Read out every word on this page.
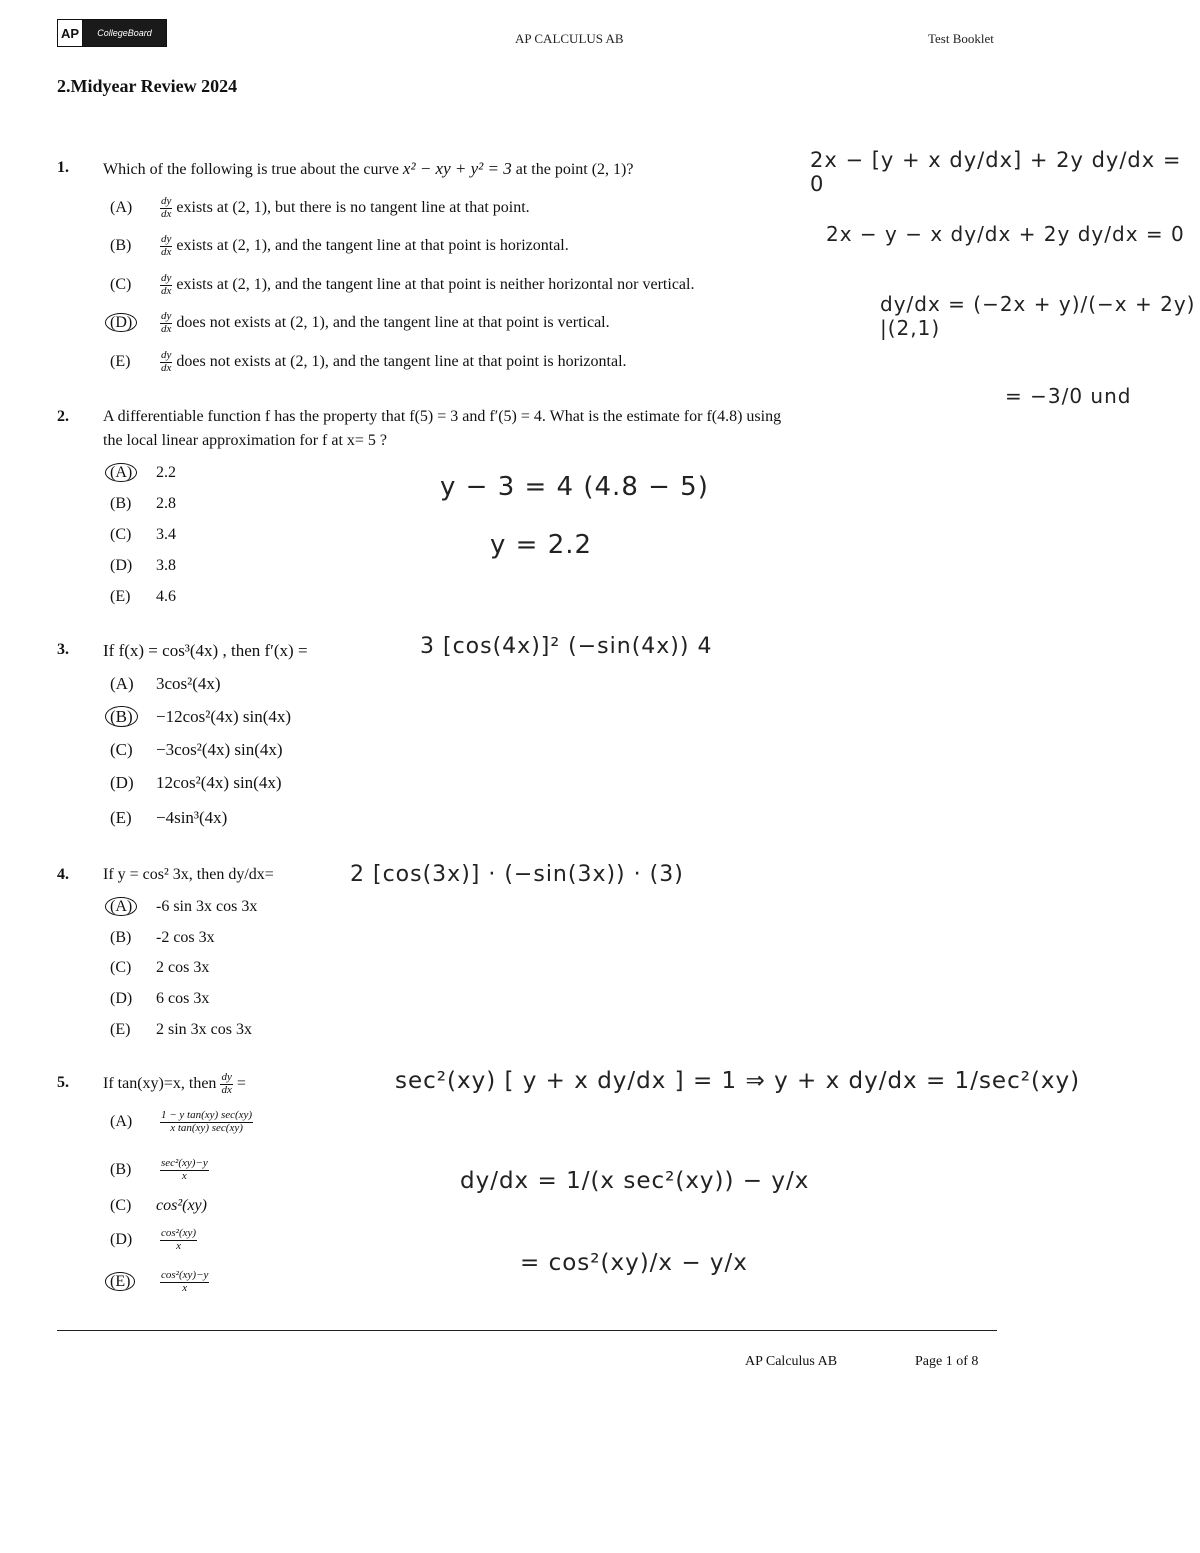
AP	CollegeBoard	AP CALCULUS AB	Test Booklet
2.Midyear Review 2024
1. Which of the following is true about the curve x² − xy + y² = 3 at the point (2, 1)?
(A)	$\frac{dy}{dx}$ exists at (2, 1), but there is no tangent line at that point.
(B)	$\frac{dy}{dx}$ exists at (2, 1), and the tangent line at that point is horizontal.
(C)	$\frac{dy}{dx}$ exists at (2, 1), and the tangent line at that point is neither horizontal nor vertical.
(D)	$\frac{dy}{dx}$ does not exists at (2, 1), and the tangent line at that point is vertical.
(E)	$\frac{dy}{dx}$ does not exists at (2, 1), and the tangent line at that point is horizontal.
2x − [y + x dy/dx] + 2y dy/dx = 0
2x − y − x dy/dx + 2y dy/dx = 0
dy/dx = (−2x + y)/(−x + 2y) |(2,1)
= −3/0 und
2. A differentiable function f has the property that f(5) = 3 and f′(5) = 4. What is the estimate for f(4.8) using
the local linear approximation for f at x= 5 ?
(A)	2.2
(B)	2.8
(C)	3.4
(D)	3.8
(E)	4.6
y − 3 = 4 (4.8 − 5)
y = 2.2
3. If f(x) = cos³(4x) , then f′(x) =
(A)	3cos²(4x)
(B)	−12cos²(4x) sin(4x)
(C)	−3cos²(4x) sin(4x)
(D)	12cos²(4x) sin(4x)
(E)	−4sin³(4x)
3 [cos(4x)]² (−sin(4x)) 4
4. If y = cos² 3x, then dy/dx=
(A)	-6 sin 3x cos 3x
(B)	-2 cos 3x
(C)	2 cos 3x
(D)	6 cos 3x
(E)	2 sin 3x cos 3x
2 [cos(3x)] · (−sin(3x)) · (3)
5. If tan(xy)=x, then $\frac{dy}{dx}$ =
(A)	$\frac{\text{1 − y tan(xy) sec(xy)}}{\text{x tan(xy) sec(xy)}}$
(B)	$\frac{\text{sec²(xy)−y}}{x}$
(C)	cos²(xy)
(D)	$\frac{\text{cos²(xy)}}{x}$
(E)	$\frac{\text{cos²(xy)−y}}{x}$
sec²(xy) [ y + x dy/dx ] = 1 ⇒ y + x dy/dx = 1/sec²(xy)
dy/dx = 1/(x sec²(xy)) − y/x
= cos²(xy)/x − y/x
AP Calculus AB	Page 1 of 8
